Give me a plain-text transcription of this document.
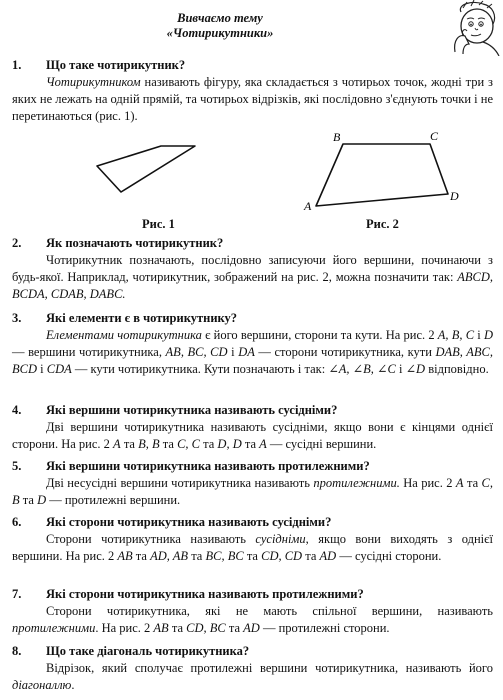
Вивчаємо тему
«Чотирикутники»
1.	Що таке чотирикутник?

Чотирикутником називають фігуру, яка складається з чотирьох точок, жодні три з яких не лежать на одній прямій, та чотирьох відрізків, які послідовно з'єднують точки і не перетинаються (рис. 1).

Рис. 1
B	C
D
A
Рис. 2
2.	Як позначають чотирикутник?

Чотирикутник позначають, послідовно записуючи його вершини, починаючи з будь-якої. Наприклад, чотирикутник, зображений на рис. 2, можна позначити так: ABCD, BCDA, CDAB, DABC.

3.	Які елементи є в чотирикутнику?

Елементами чотирикутника є його вершини, сторони та кути. На рис. 2 A, B, C і D — вершини чотирикутника, AB, BC, CD і DA — сторони чотирикутника, кути DAB, ABC, BCD і CDA — кути чотирикутника. Кути позначають і так: ∠A, ∠B, ∠C і ∠D відповідно.

4.	Які вершини чотирикутника називають сусідніми?

Дві вершини чотирикутника називають сусідніми, якщо вони є кінцями однієї сторони. На рис. 2 A та B, B та C, C та D, D та A — сусідні вершини.

5.	Які вершини чотирикутника називають протилежними?

Дві несусідні вершини чотирикутника називають протилежними. На рис. 2 A та C, B та D — протилежні вершини.

6.	Які сторони чотирикутника називають сусідніми?

Сторони чотирикутника називають сусідніми, якщо вони виходять з однієї вершини. На рис. 2 AB та AD, AB та BC, BC та CD, CD та AD — сусідні сторони.

7.	Які сторони чотирикутника називають протилежними?

Сторони чотирикутника, які не мають спільної вершини, називають протилежними. На рис. 2 AB та CD, BC та AD — протилежні сторони.

8.	Що таке діагональ чотирикутника?

Відрізок, який сполучає протилежні вершини чотирикутника, називають його діагоналлю.
